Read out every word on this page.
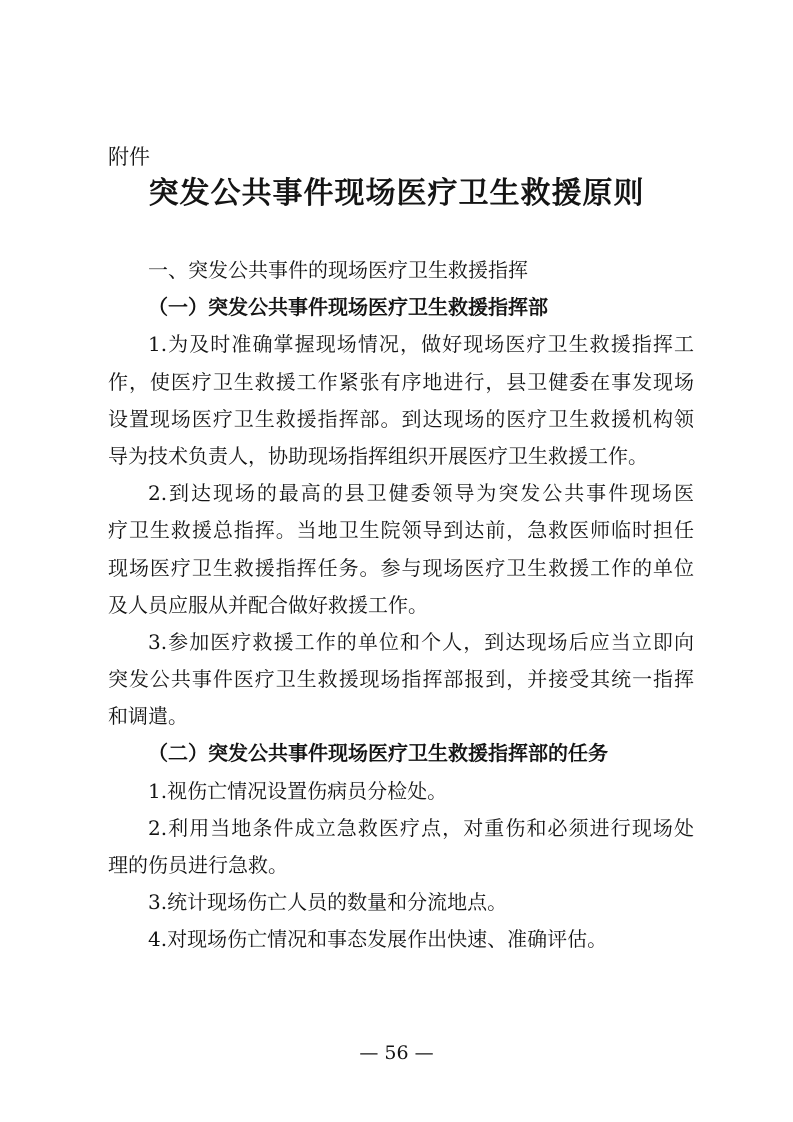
附件
突发公共事件现场医疗卫生救援原则
一、突发公共事件的现场医疗卫生救援指挥
（一）突发公共事件现场医疗卫生救援指挥部
1.为及时准确掌握现场情况，做好现场医疗卫生救援指挥工
作，使医疗卫生救援工作紧张有序地进行，县卫健委在事发现场
设置现场医疗卫生救援指挥部。到达现场的医疗卫生救援机构领
导为技术负责人，协助现场指挥组织开展医疗卫生救援工作。
2.到达现场的最高的县卫健委领导为突发公共事件现场医
疗卫生救援总指挥。当地卫生院领导到达前，急救医师临时担任
现场医疗卫生救援指挥任务。参与现场医疗卫生救援工作的单位
及人员应服从并配合做好救援工作。
3.参加医疗救援工作的单位和个人，到达现场后应当立即向
突发公共事件医疗卫生救援现场指挥部报到，并接受其统一指挥
和调遣。
（二）突发公共事件现场医疗卫生救援指挥部的任务
1.视伤亡情况设置伤病员分检处。
2.利用当地条件成立急救医疗点，对重伤和必须进行现场处
理的伤员进行急救。
3.统计现场伤亡人员的数量和分流地点。
4.对现场伤亡情况和事态发展作出快速、准确评估。
— 56 —
